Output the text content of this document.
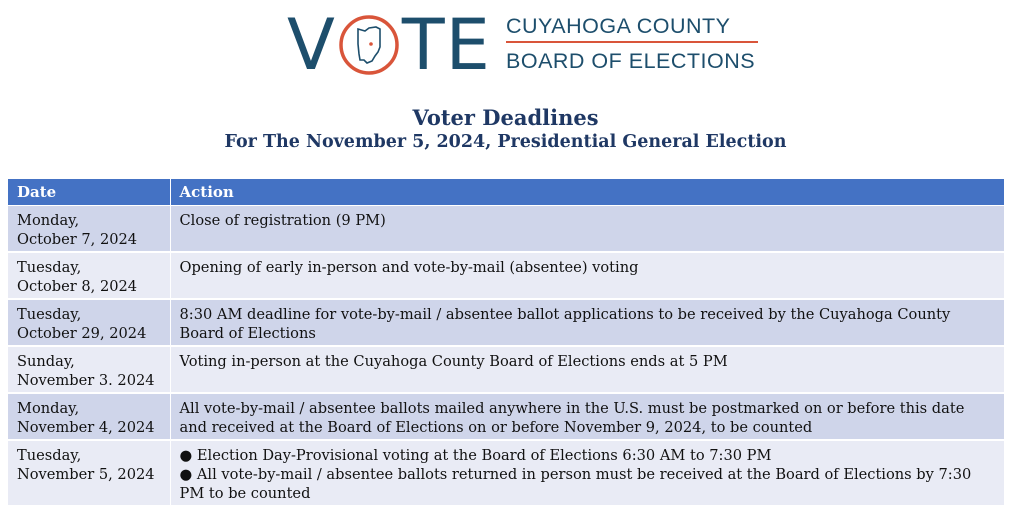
V T E CUYAHOGA COUNTY
BOARD OF ELECTIONS
Voter Deadlines
For The November 5, 2024, Presidential General Election
Date	Action

Monday,
October 7, 2024	Close of registration (9 PM)

Tuesday,
October 8, 2024	Opening of early in-person and vote-by-mail (absentee) voting

Tuesday,
October 29, 2024	8:30 AM deadline for vote-by-mail / absentee ballot applications to be received by the Cuyahoga County Board of Elections

Sunday,
November 3. 2024	Voting in-person at the Cuyahoga County Board of Elections ends at 5 PM

Monday,
November 4, 2024	All vote-by-mail / absentee ballots mailed anywhere in the U.S. must be postmarked on or before this date and received at the Board of Elections on or before November 9, 2024, to be counted

Tuesday,
November 5, 2024	● Election Day-Provisional voting at the Board of Elections 6:30 AM to 7:30 PM
● All vote-by-mail / absentee ballots returned in person must be received at the Board of Elections by 7:30 PM to be counted
